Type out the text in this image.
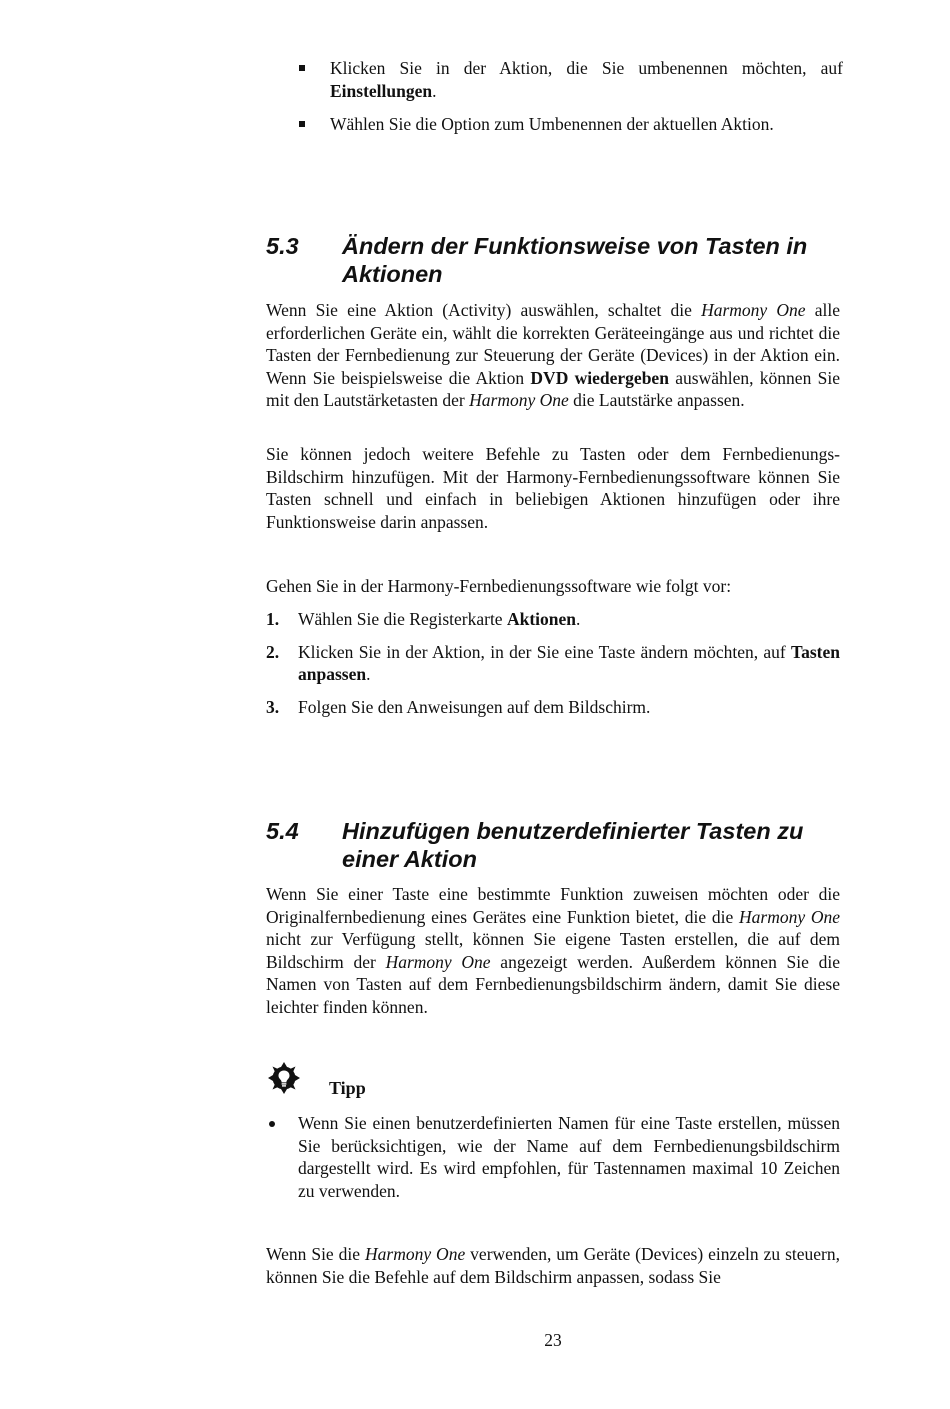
Klicken Sie in der Aktion, die Sie umbenennen möchten, auf Einstellungen.
Wählen Sie die Option zum Umbenennen der aktuellen Aktion.
5.3 Ändern der Funktionsweise von Tasten in Aktionen

Wenn Sie eine Aktion (Activity) auswählen, schaltet die Harmony One alle erforderlichen Geräte ein, wählt die korrekten Geräteeingänge aus und richtet die Tasten der Fernbedienung zur Steuerung der Geräte (Devices) in der Aktion ein. Wenn Sie beispielsweise die Aktion DVD wiedergeben auswählen, können Sie mit den Lautstärketasten der Harmony One die Lautstärke anpassen.

Sie können jedoch weitere Befehle zu Tasten oder dem Fernbedienungs-Bildschirm hinzufügen. Mit der Harmony-Fernbedienungssoftware können Sie Tasten schnell und einfach in beliebigen Aktionen hinzufügen oder ihre Funktionsweise darin anpassen.

Gehen Sie in der Harmony-Fernbedienungssoftware wie folgt vor:

1. Wählen Sie die Registerkarte Aktionen.
2. Klicken Sie in der Aktion, in der Sie eine Taste ändern möchten, auf Tasten anpassen.
3. Folgen Sie den Anweisungen auf dem Bildschirm.
5.4 Hinzufügen benutzerdefinierter Tasten zu einer Aktion

Wenn Sie einer Taste eine bestimmte Funktion zuweisen möchten oder die Originalfernbedienung eines Gerätes eine Funktion bietet, die die Harmony One nicht zur Verfügung stellt, können Sie eigene Tasten erstellen, die auf dem Bildschirm der Harmony One angezeigt werden. Außerdem können Sie die Namen von Tasten auf dem Fernbedienungsbildschirm ändern, damit Sie diese leichter finden können.

Tipp
Wenn Sie einen benutzerdefinierten Namen für eine Taste erstellen, müssen Sie berücksichtigen, wie der Name auf dem Fernbedienungsbildschirm dargestellt wird. Es wird empfohlen, für Tastennamen maximal 10 Zeichen zu verwenden.

Wenn Sie die Harmony One verwenden, um Geräte (Devices) einzeln zu steuern, können Sie die Befehle auf dem Bildschirm anpassen, sodass Sie

23
